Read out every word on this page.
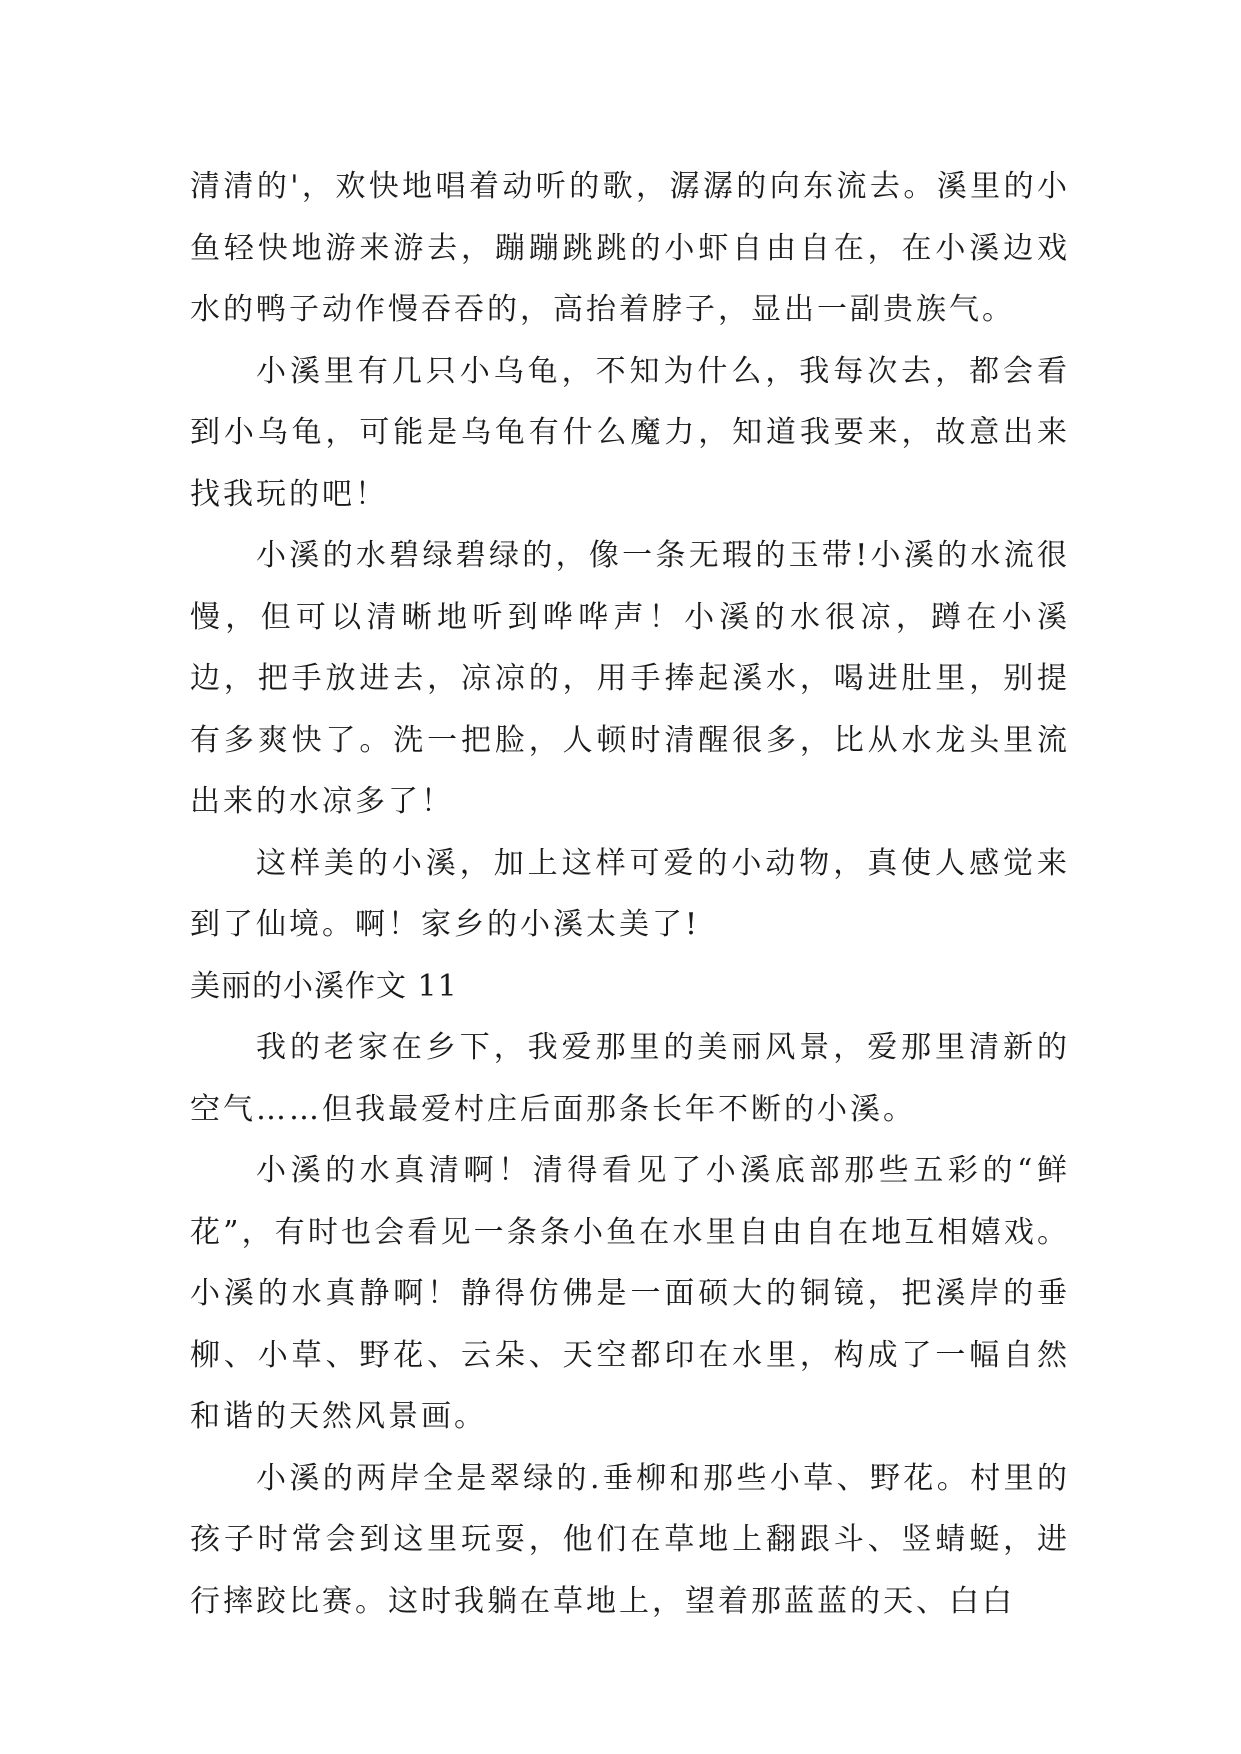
清清的'，欢快地唱着动听的歌，潺潺的向东流去。溪里的小鱼轻快地游来游去，蹦蹦跳跳的小虾自由自在，在小溪边戏水的鸭子动作慢吞吞的，高抬着脖子，显出一副贵族气。

小溪里有几只小乌龟，不知为什么，我每次去，都会看到小乌龟，可能是乌龟有什么魔力，知道我要来，故意出来找我玩的吧！

小溪的水碧绿碧绿的，像一条无瑕的玉带!小溪的水流很慢，但可以清晰地听到哗哗声！小溪的水很凉，蹲在小溪边，把手放进去，凉凉的，用手捧起溪水，喝进肚里，别提有多爽快了。洗一把脸，人顿时清醒很多，比从水龙头里流出来的水凉多了！

这样美的小溪，加上这样可爱的小动物，真使人感觉来到了仙境。啊！家乡的小溪太美了!

美丽的小溪作文 11

我的老家在乡下，我爱那里的美丽风景，爱那里清新的空气……但我最爱村庄后面那条长年不断的小溪。

小溪的水真清啊！清得看见了小溪底部那些五彩的“鲜花”，有时也会看见一条条小鱼在水里自由自在地互相嬉戏。小溪的水真静啊！静得仿佛是一面硕大的铜镜，把溪岸的垂柳、小草、野花、云朵、天空都印在水里，构成了一幅自然和谐的天然风景画。

小溪的两岸全是翠绿的.垂柳和那些小草、野花。村里的孩子时常会到这里玩耍，他们在草地上翻跟斗、竖蜻蜓，进行摔跤比赛。这时我躺在草地上，望着那蓝蓝的天、白白
